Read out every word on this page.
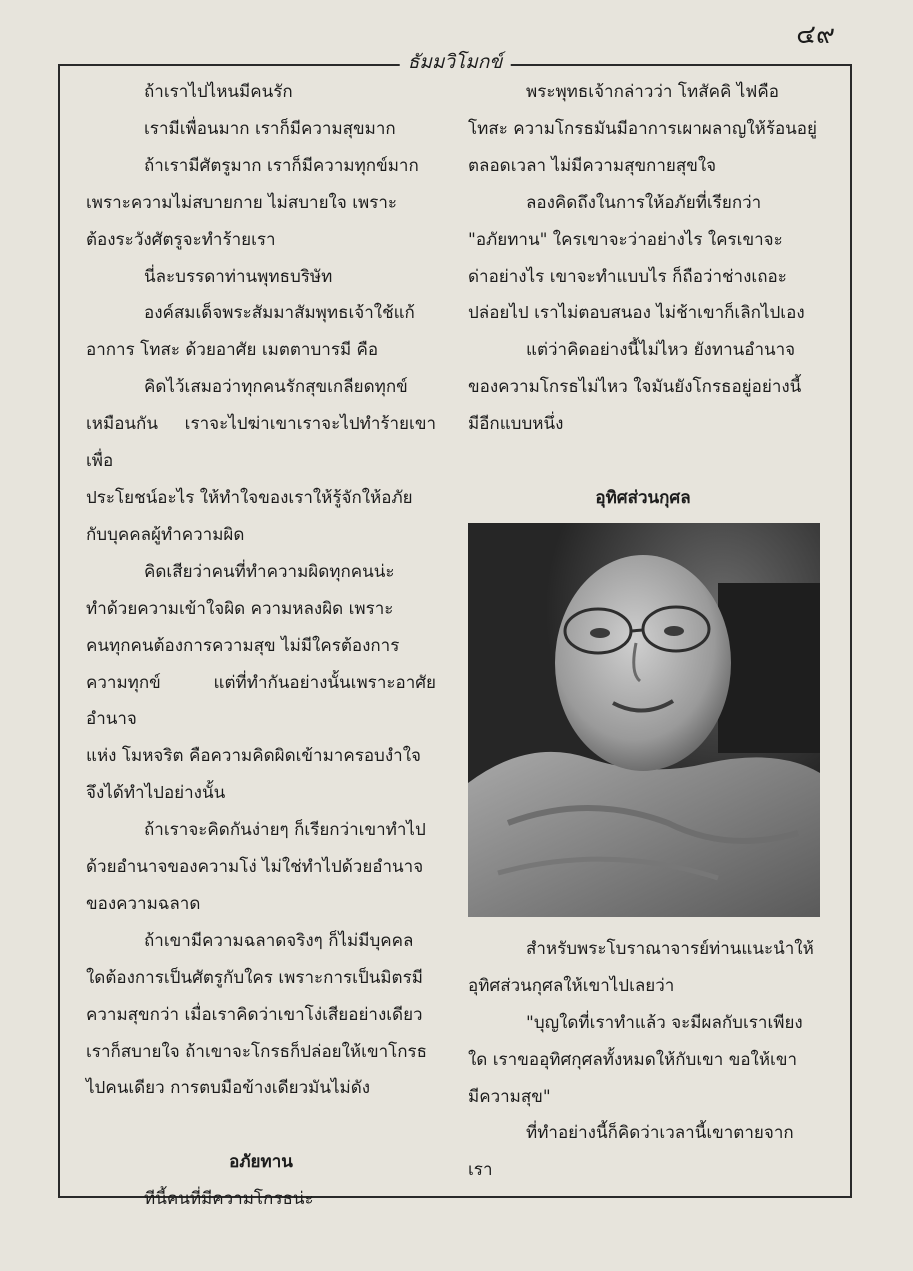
๔๙
ธัมมวิโมกข์

ถ้าเราไปไหนมีคนรัก

เรามีเพื่อนมาก เราก็มีความสุขมาก

ถ้าเรามีศัตรูมาก เราก็มีความทุกข์มาก

เพราะความไม่สบายกาย ไม่สบายใจ เพราะ

ต้องระวังศัตรูจะทำร้ายเรา

นี่ละบรรดาท่านพุทธบริษัท

องค์สมเด็จพระสัมมาสัมพุทธเจ้าใช้แก้

อาการ โทสะ ด้วยอาศัย เมตตาบารมี คือ

คิดไว้เสมอว่าทุกคนรักสุขเกลียดทุกข์

เหมือนกัน เราจะไปฆ่าเขาเราจะไปทำร้ายเขาเพื่อ

ประโยชน์อะไร ให้ทำใจของเราให้รู้จักให้อภัย

กับบุคคลผู้ทำความผิด

คิดเสียว่าคนที่ทำความผิดทุกคนน่ะ

ทำด้วยความเข้าใจผิด ความหลงผิด เพราะ

คนทุกคนต้องการความสุข ไม่มีใครต้องการ

ความทุกข์ แต่ที่ทำกันอย่างนั้นเพราะอาศัยอำนาจ

แห่ง โมหจริต คือความคิดผิดเข้ามาครอบงำใจ

จึงได้ทำไปอย่างนั้น

ถ้าเราจะคิดกันง่ายๆ ก็เรียกว่าเขาทำไป

ด้วยอำนาจของความโง่ ไม่ใช่ทำไปด้วยอำนาจ

ของความฉลาด

ถ้าเขามีความฉลาดจริงๆ ก็ไม่มีบุคคล

ใดต้องการเป็นศัตรูกับใคร เพราะการเป็นมิตรมี

ความสุขกว่า เมื่อเราคิดว่าเขาโง่เสียอย่างเดียว

เราก็สบายใจ ถ้าเขาจะโกรธก็ปล่อยให้เขาโกรธ

ไปคนเดียว การตบมือข้างเดียวมันไม่ดัง

อภัยทาน

ทีนี้คนที่มีความโกรธน่ะ

พระพุทธเจ้ากล่าวว่า โทสัคคิ ไฟคือ

โทสะ ความโกรธมันมีอาการเผาผลาญให้ร้อนอยู่

ตลอดเวลา ไม่มีความสุขกายสุขใจ

ลองคิดถึงในการให้อภัยที่เรียกว่า

"อภัยทาน" ใครเขาจะว่าอย่างไร ใครเขาจะ

ด่าอย่างไร เขาจะทำแบบไร ก็ถือว่าช่างเถอะ

ปล่อยไป เราไม่ตอบสนอง ไม่ช้าเขาก็เลิกไปเอง

แต่ว่าคิดอย่างนี้ไม่ไหว ยังทานอำนาจ

ของความโกรธไม่ไหว ใจมันยังโกรธอยู่อย่างนี้

มีอีกแบบหนึ่ง

อุทิศส่วนกุศล

สำหรับพระโบราณาจารย์ท่านแนะนำให้

อุทิศส่วนกุศลให้เขาไปเลยว่า

"บุญใดที่เราทำแล้ว จะมีผลกับเราเพียง

ใด เราขออุทิศกุศลทั้งหมดให้กับเขา ขอให้เขา

มีความสุข"

ที่ทำอย่างนี้ก็คิดว่าเวลานี้เขาตายจากเรา
